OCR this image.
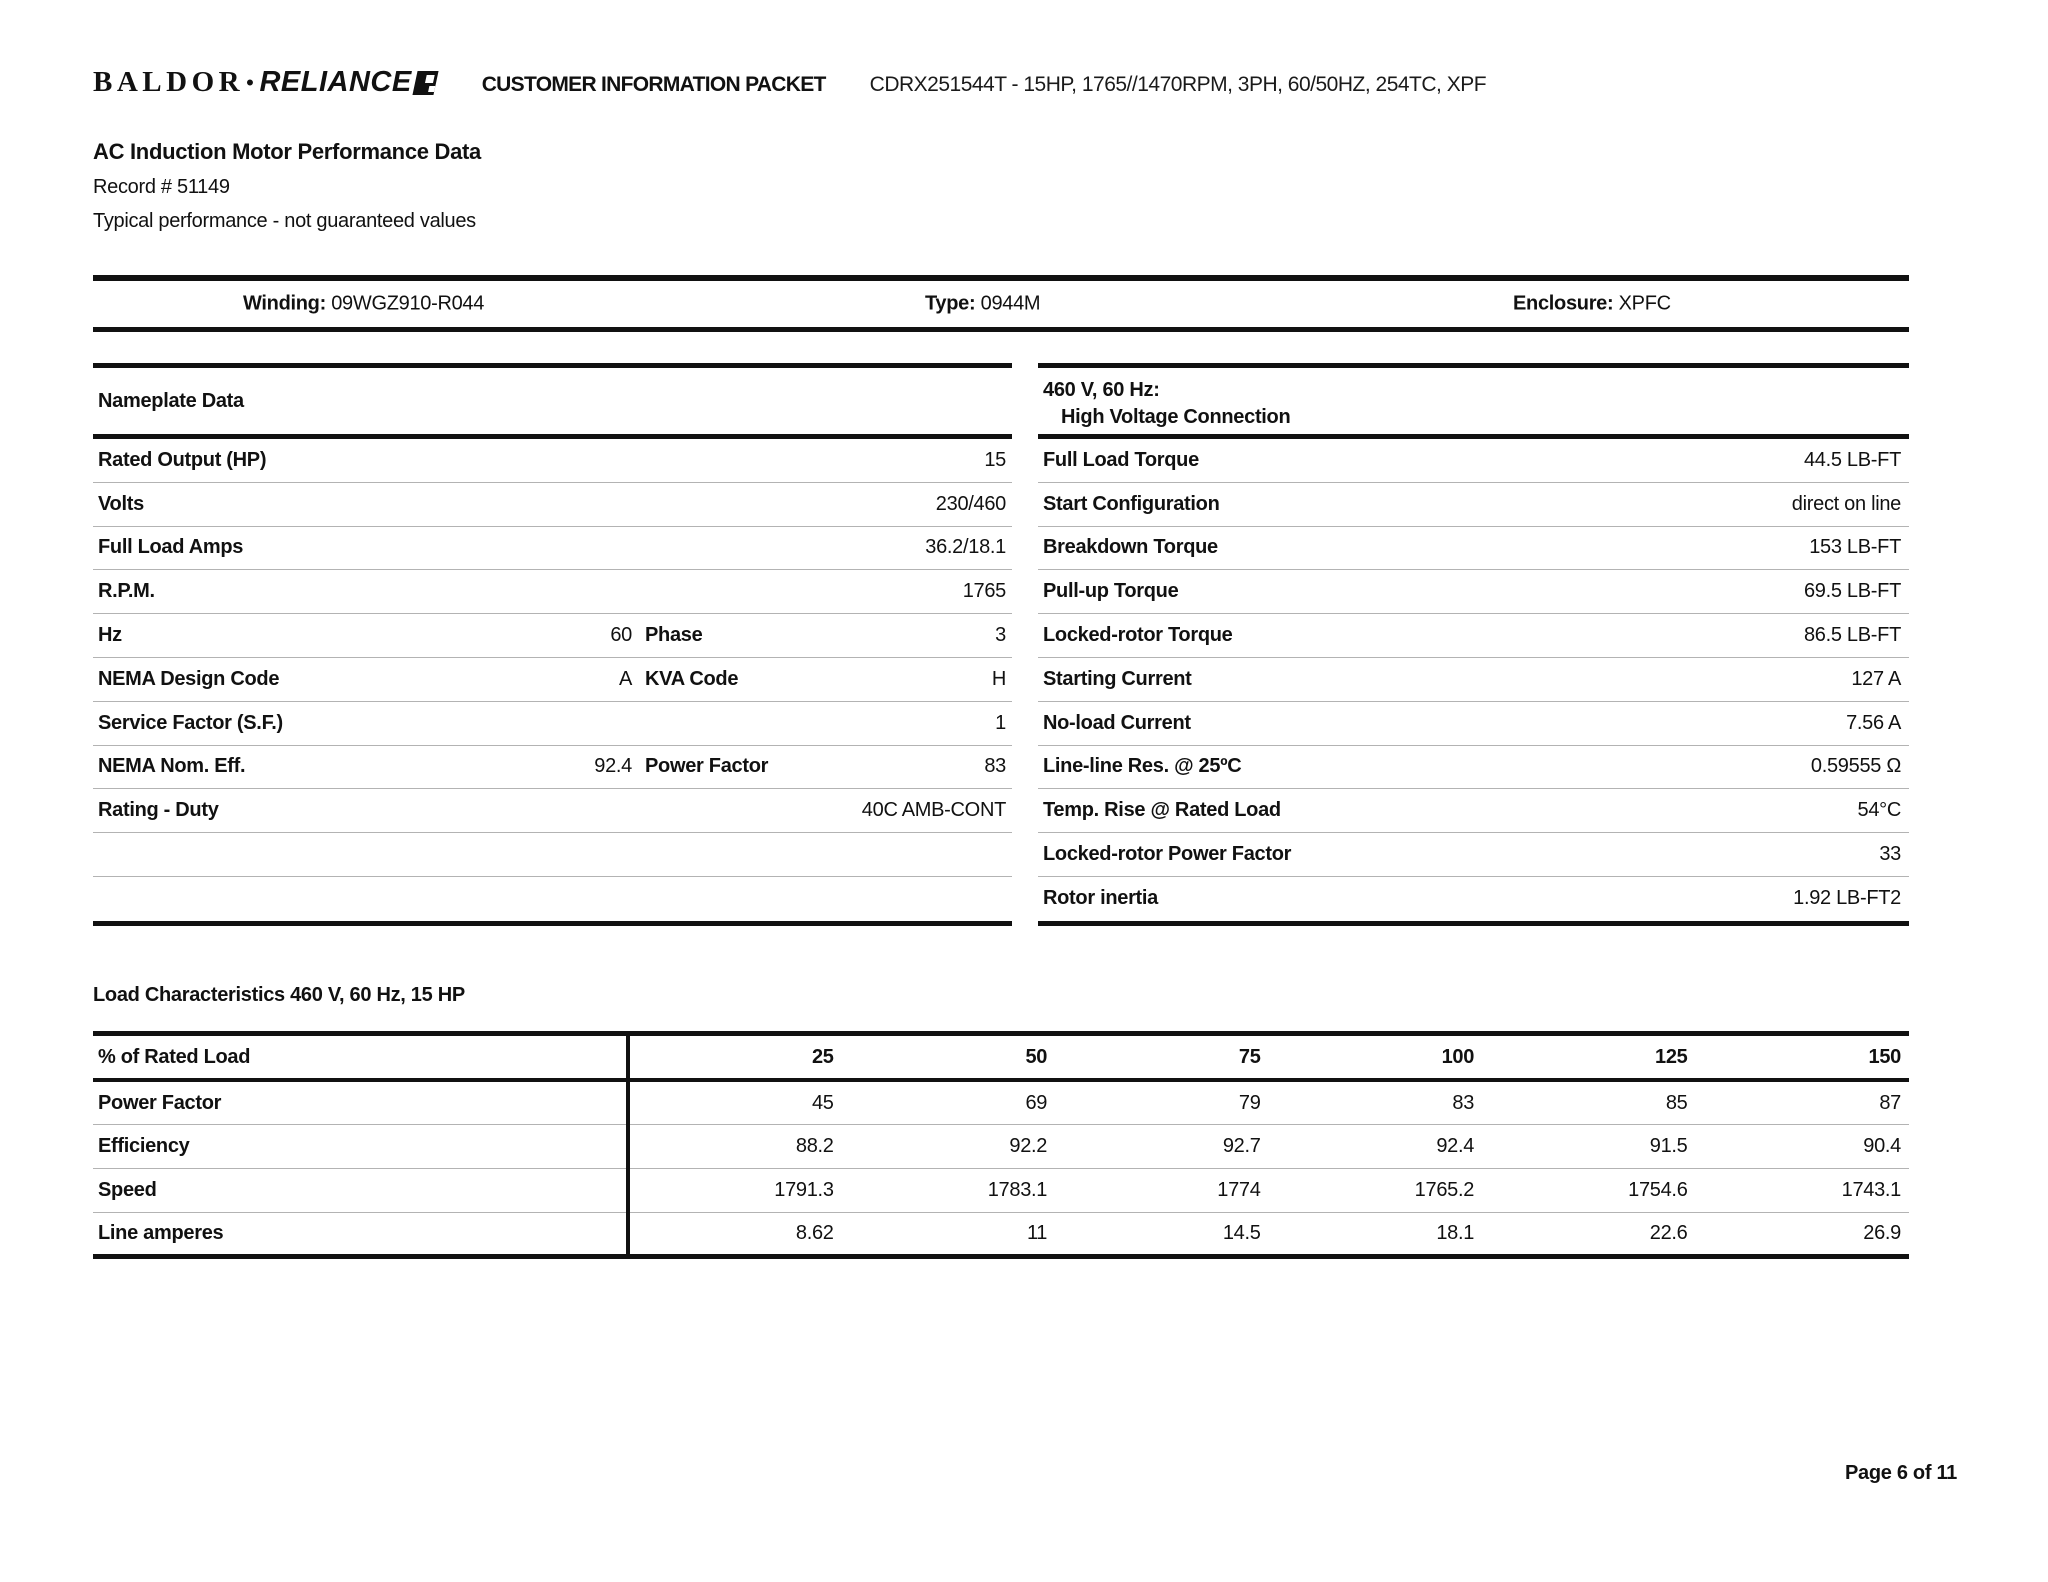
BALDOR • RELIANCE	CUSTOMER INFORMATION PACKET CDRX251544T - 15HP, 1765//1470RPM, 3PH, 60/50HZ, 254TC, XPF
AC Induction Motor Performance Data
Record # 51149
Typical performance - not guaranteed values
Winding: 09WGZ910-R044	Type: 0944M	Enclosure: XPFC
Nameplate Data
Rated Output (HP)	15
Volts	230/460
Full Load Amps	36.2/18.1
R.P.M.	1765
Hz	60 Phase	3
NEMA Design Code	A KVA Code	H
Service Factor (S.F.)	1
NEMA Nom. Eff.	92.4 Power Factor	83
Rating - Duty	40C AMB-CONT
460 V, 60 Hz:
High Voltage Connection
Full Load Torque	44.5 LB-FT
Start Configuration	direct on line
Breakdown Torque	153 LB-FT
Pull-up Torque	69.5 LB-FT
Locked-rotor Torque	86.5 LB-FT
Starting Current	127 A
No-load Current	7.56 A
Line-line Res. @ 25ºC	0.59555 Ω
Temp. Rise @ Rated Load	54°C
Locked-rotor Power Factor	33
Rotor inertia	1.92 LB-FT2
Load Characteristics 460 V, 60 Hz, 15 HP
% of Rated Load	25	50	75	100	125	150
Power Factor	45	69	79	83	85	87
Efficiency	88.2	92.2	92.7	92.4	91.5	90.4
Speed	1791.3	1783.1	1774	1765.2	1754.6	1743.1
Line amperes	8.62	11	14.5	18.1	22.6	26.9
Page 6 of 11
